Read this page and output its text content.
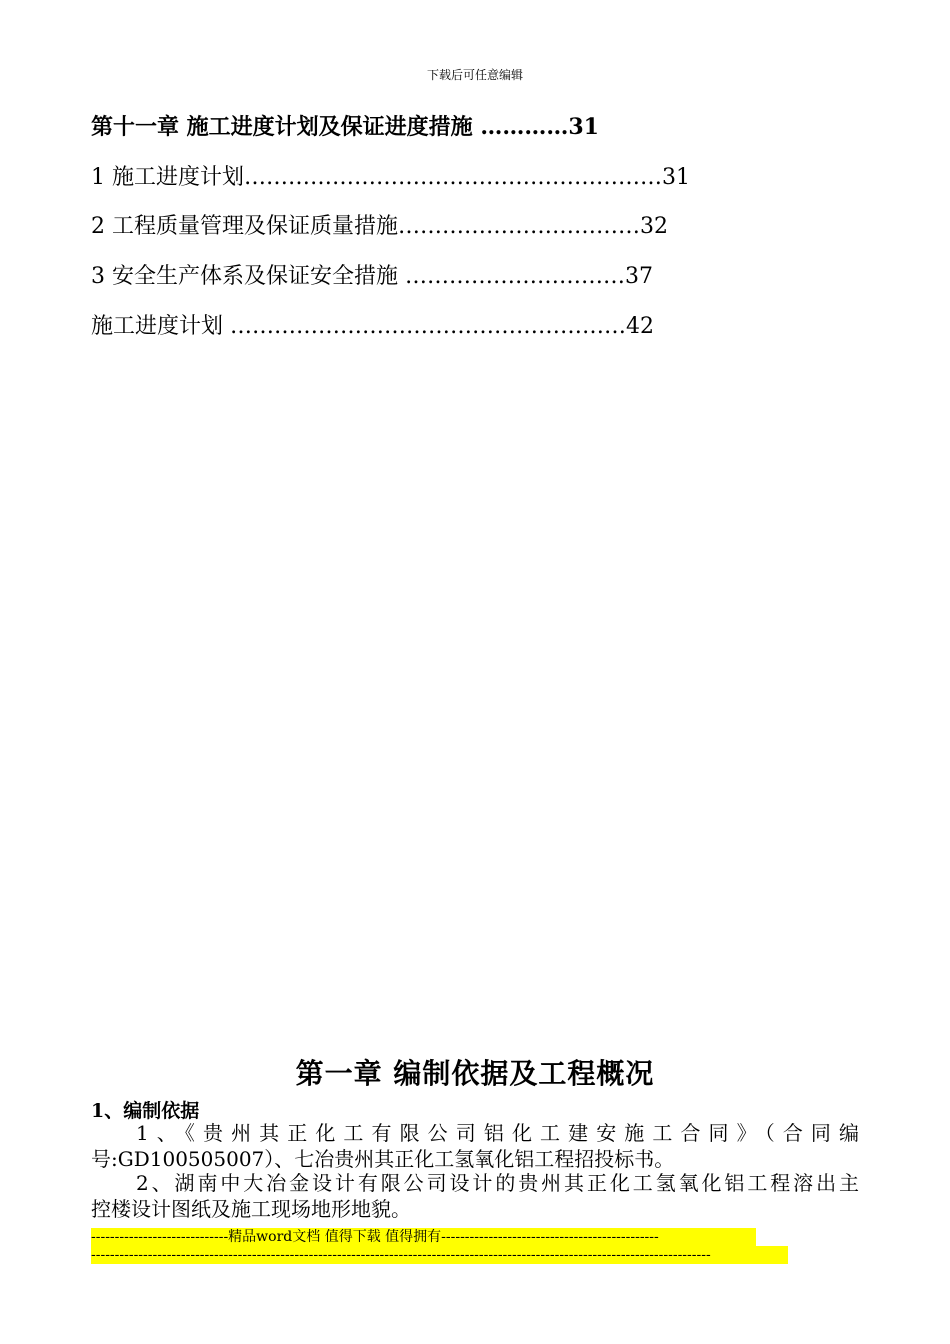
下载后可任意编辑
第十一章 施工进度计划及保证进度措施 …………31
1 施工进度计划…………………………………………………31
2 工程质量管理及保证质量措施……………………………32
3 安全生产体系及保证安全措施 …………………………37
施工进度计划 ………………………………………………42
第一章 编制依据及工程概况
1、编制依据
1、《贵州其正化工有限公司铝化工建安施工合同》（合同编
号:GD100505007）、七冶贵州其正化工氢氧化铝工程招投标书。
2、湖南中大冶金设计有限公司设计的贵州其正化工氢氧化铝工程溶出主
控楼设计图纸及施工现场地形地貌。
-----------------------------精品word文档 值得下载 值得拥有----------------------------------------------
-----------------------------------------------------------------------------------------------------------------------------------
